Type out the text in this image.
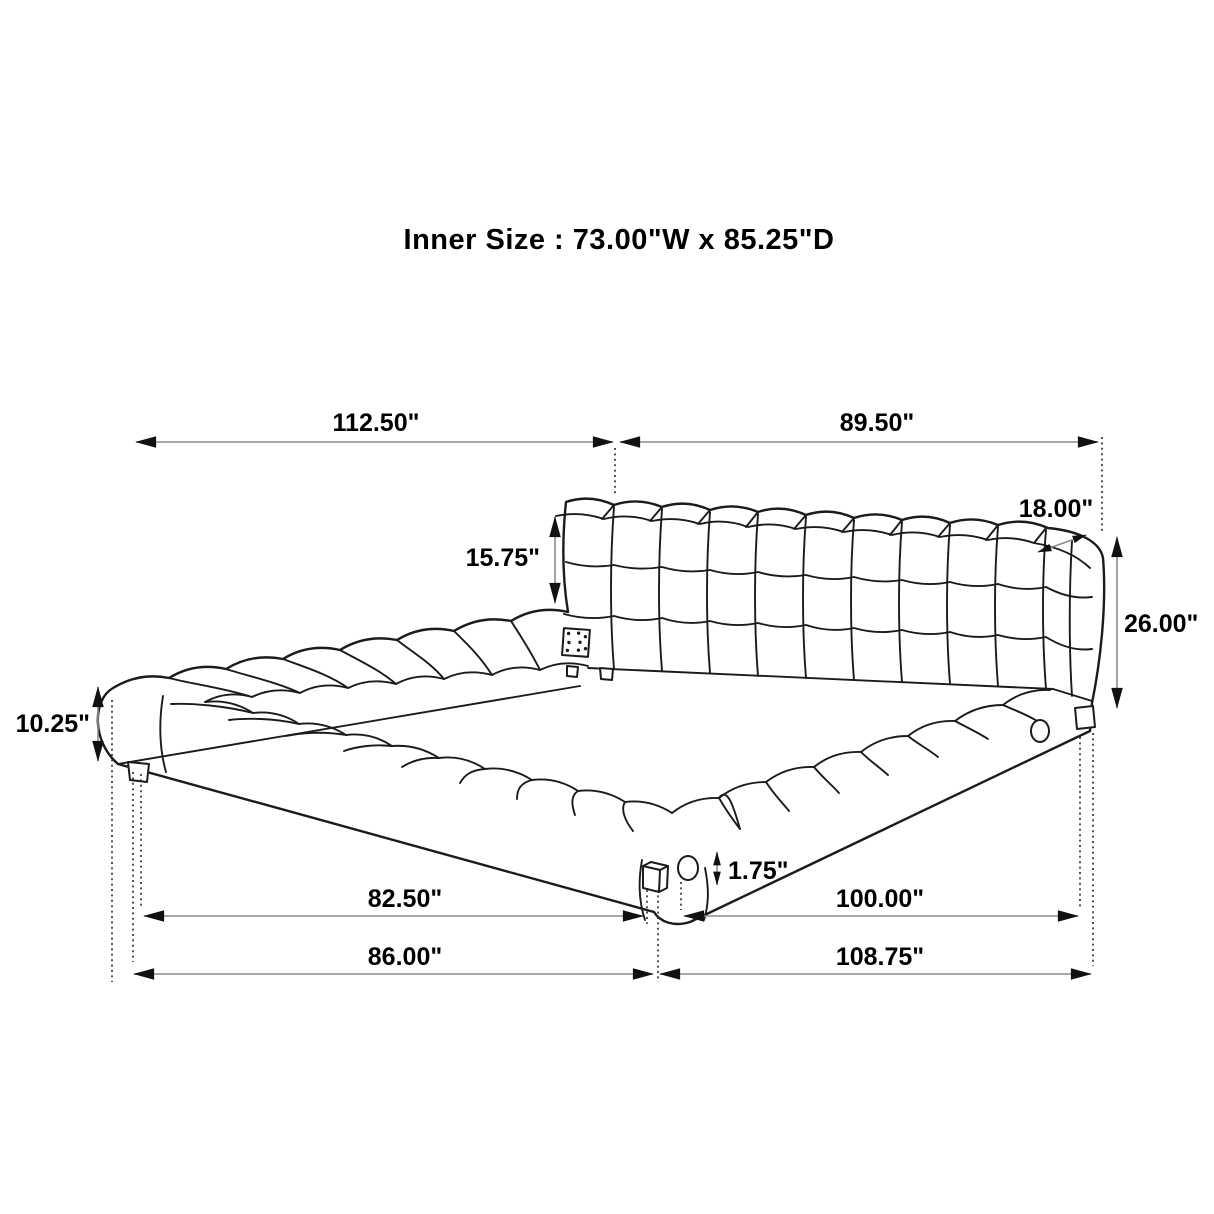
Inner Size : 73.00"W x 85.25"D
112.50"	89.50"
18.00"
15.75"
26.00"
10.25"
1.75"
82.50"	100.00"
86.00"	108.75"
